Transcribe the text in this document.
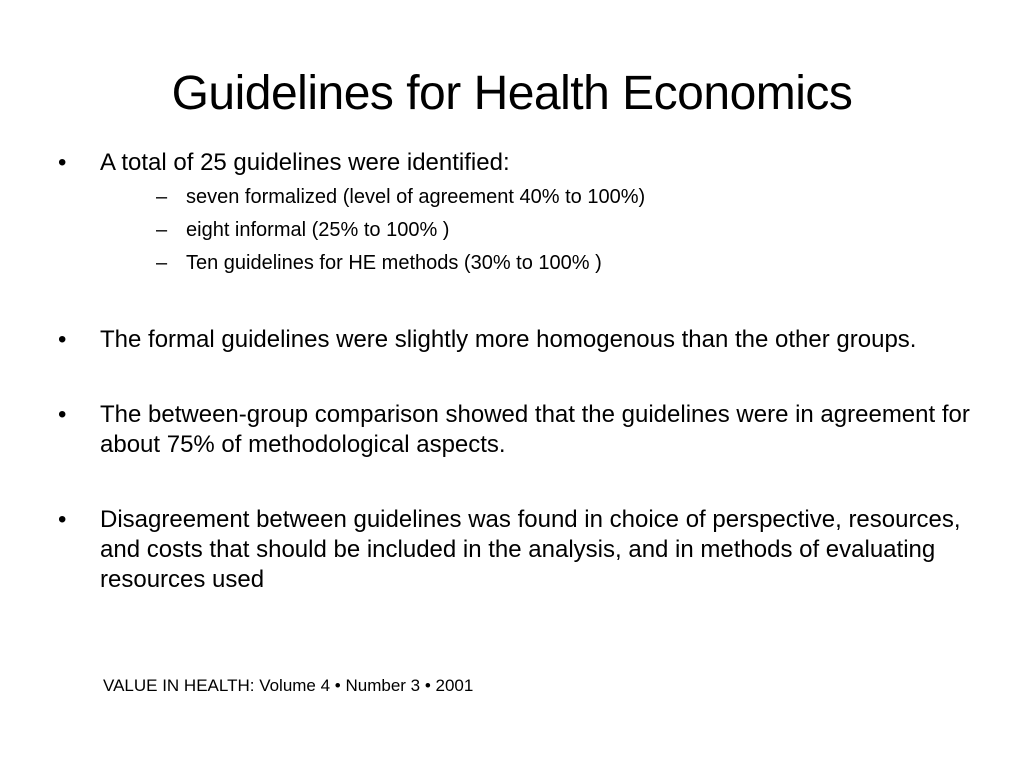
Guidelines for Health Economics
•	A total of 25 guidelines were identified:
– seven formalized (level of agreement 40% to 100%)
– eight informal (25% to 100% )
– Ten guidelines for HE methods (30% to 100% )
•	The formal guidelines were slightly more homogenous than the other groups.
•	The between-group comparison showed that the guidelines were in agreement for about 75% of methodological aspects.
•	Disagreement between guidelines was found in choice of perspective, resources, and costs that should be included in the analysis, and in methods of evaluating resources used
VALUE IN HEALTH: Volume 4 • Number 3 • 2001
